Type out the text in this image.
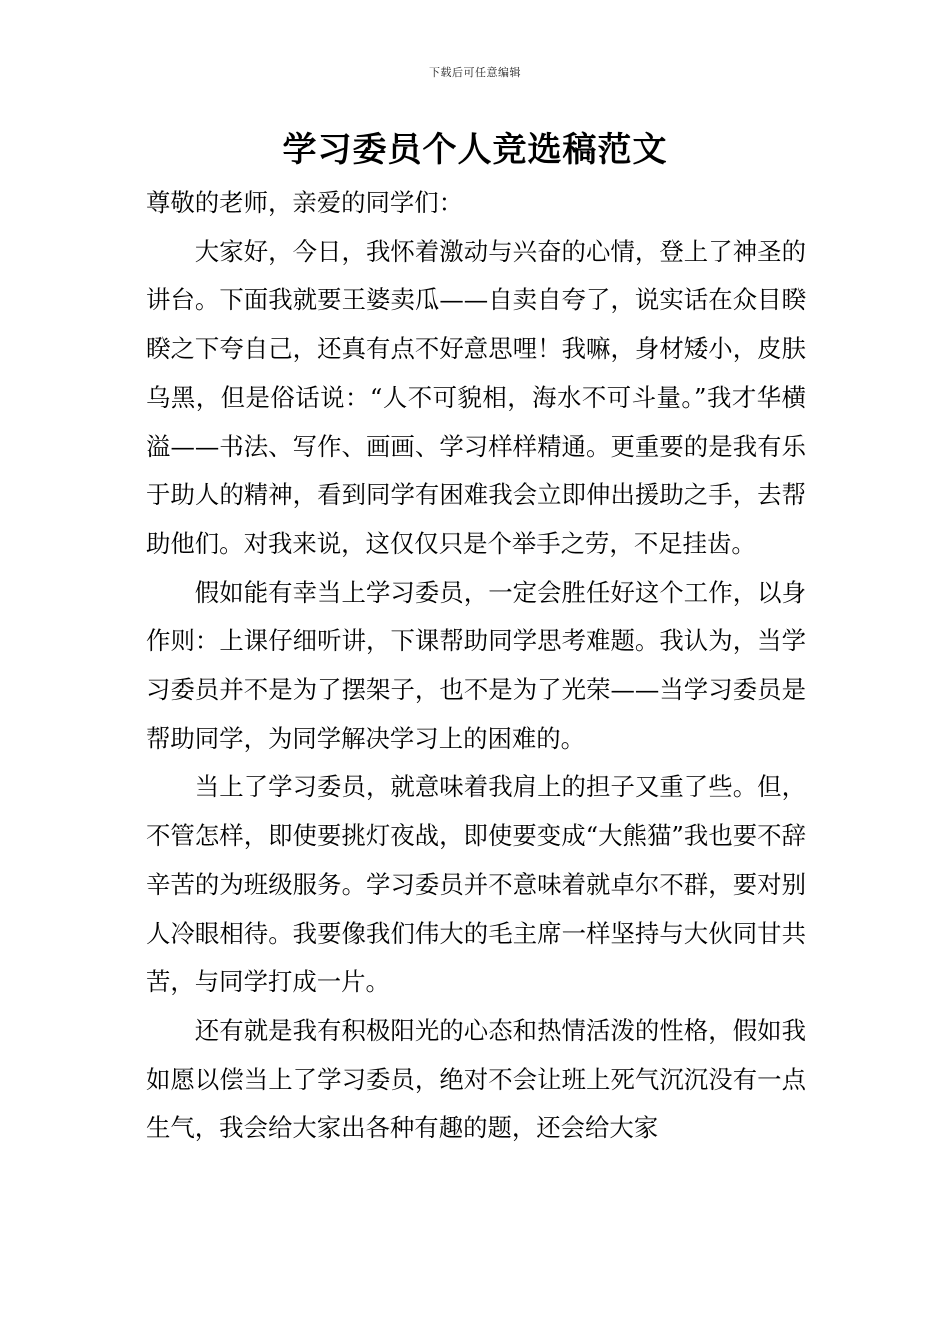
下载后可任意编辑
学习委员个人竞选稿范文

尊敬的老师，亲爱的同学们：

大家好，今日，我怀着激动与兴奋的心情，登上了神圣的讲台。下面我就要王婆卖瓜——自卖自夸了，说实话在众目睽睽之下夸自己，还真有点不好意思哩！我嘛，身材矮小，皮肤乌黑，但是俗话说：“人不可貌相，海水不可斗量。”我才华横溢——书法、写作、画画、学习样样精通。更重要的是我有乐于助人的精神，看到同学有困难我会立即伸出援助之手，去帮助他们。对我来说，这仅仅只是个举手之劳，不足挂齿。

假如能有幸当上学习委员，一定会胜任好这个工作，以身作则：上课仔细听讲，下课帮助同学思考难题。我认为，当学习委员并不是为了摆架子，也不是为了光荣——当学习委员是帮助同学，为同学解决学习上的困难的。

当上了学习委员，就意味着我肩上的担子又重了些。但，不管怎样，即使要挑灯夜战，即使要变成“大熊猫”我也要不辞辛苦的为班级服务。学习委员并不意味着就卓尔不群，要对别人冷眼相待。我要像我们伟大的毛主席一样坚持与大伙同甘共苦，与同学打成一片。

还有就是我有积极阳光的心态和热情活泼的性格，假如我如愿以偿当上了学习委员，绝对不会让班上死气沉沉没有一点生气，我会给大家出各种有趣的题，还会给大家
